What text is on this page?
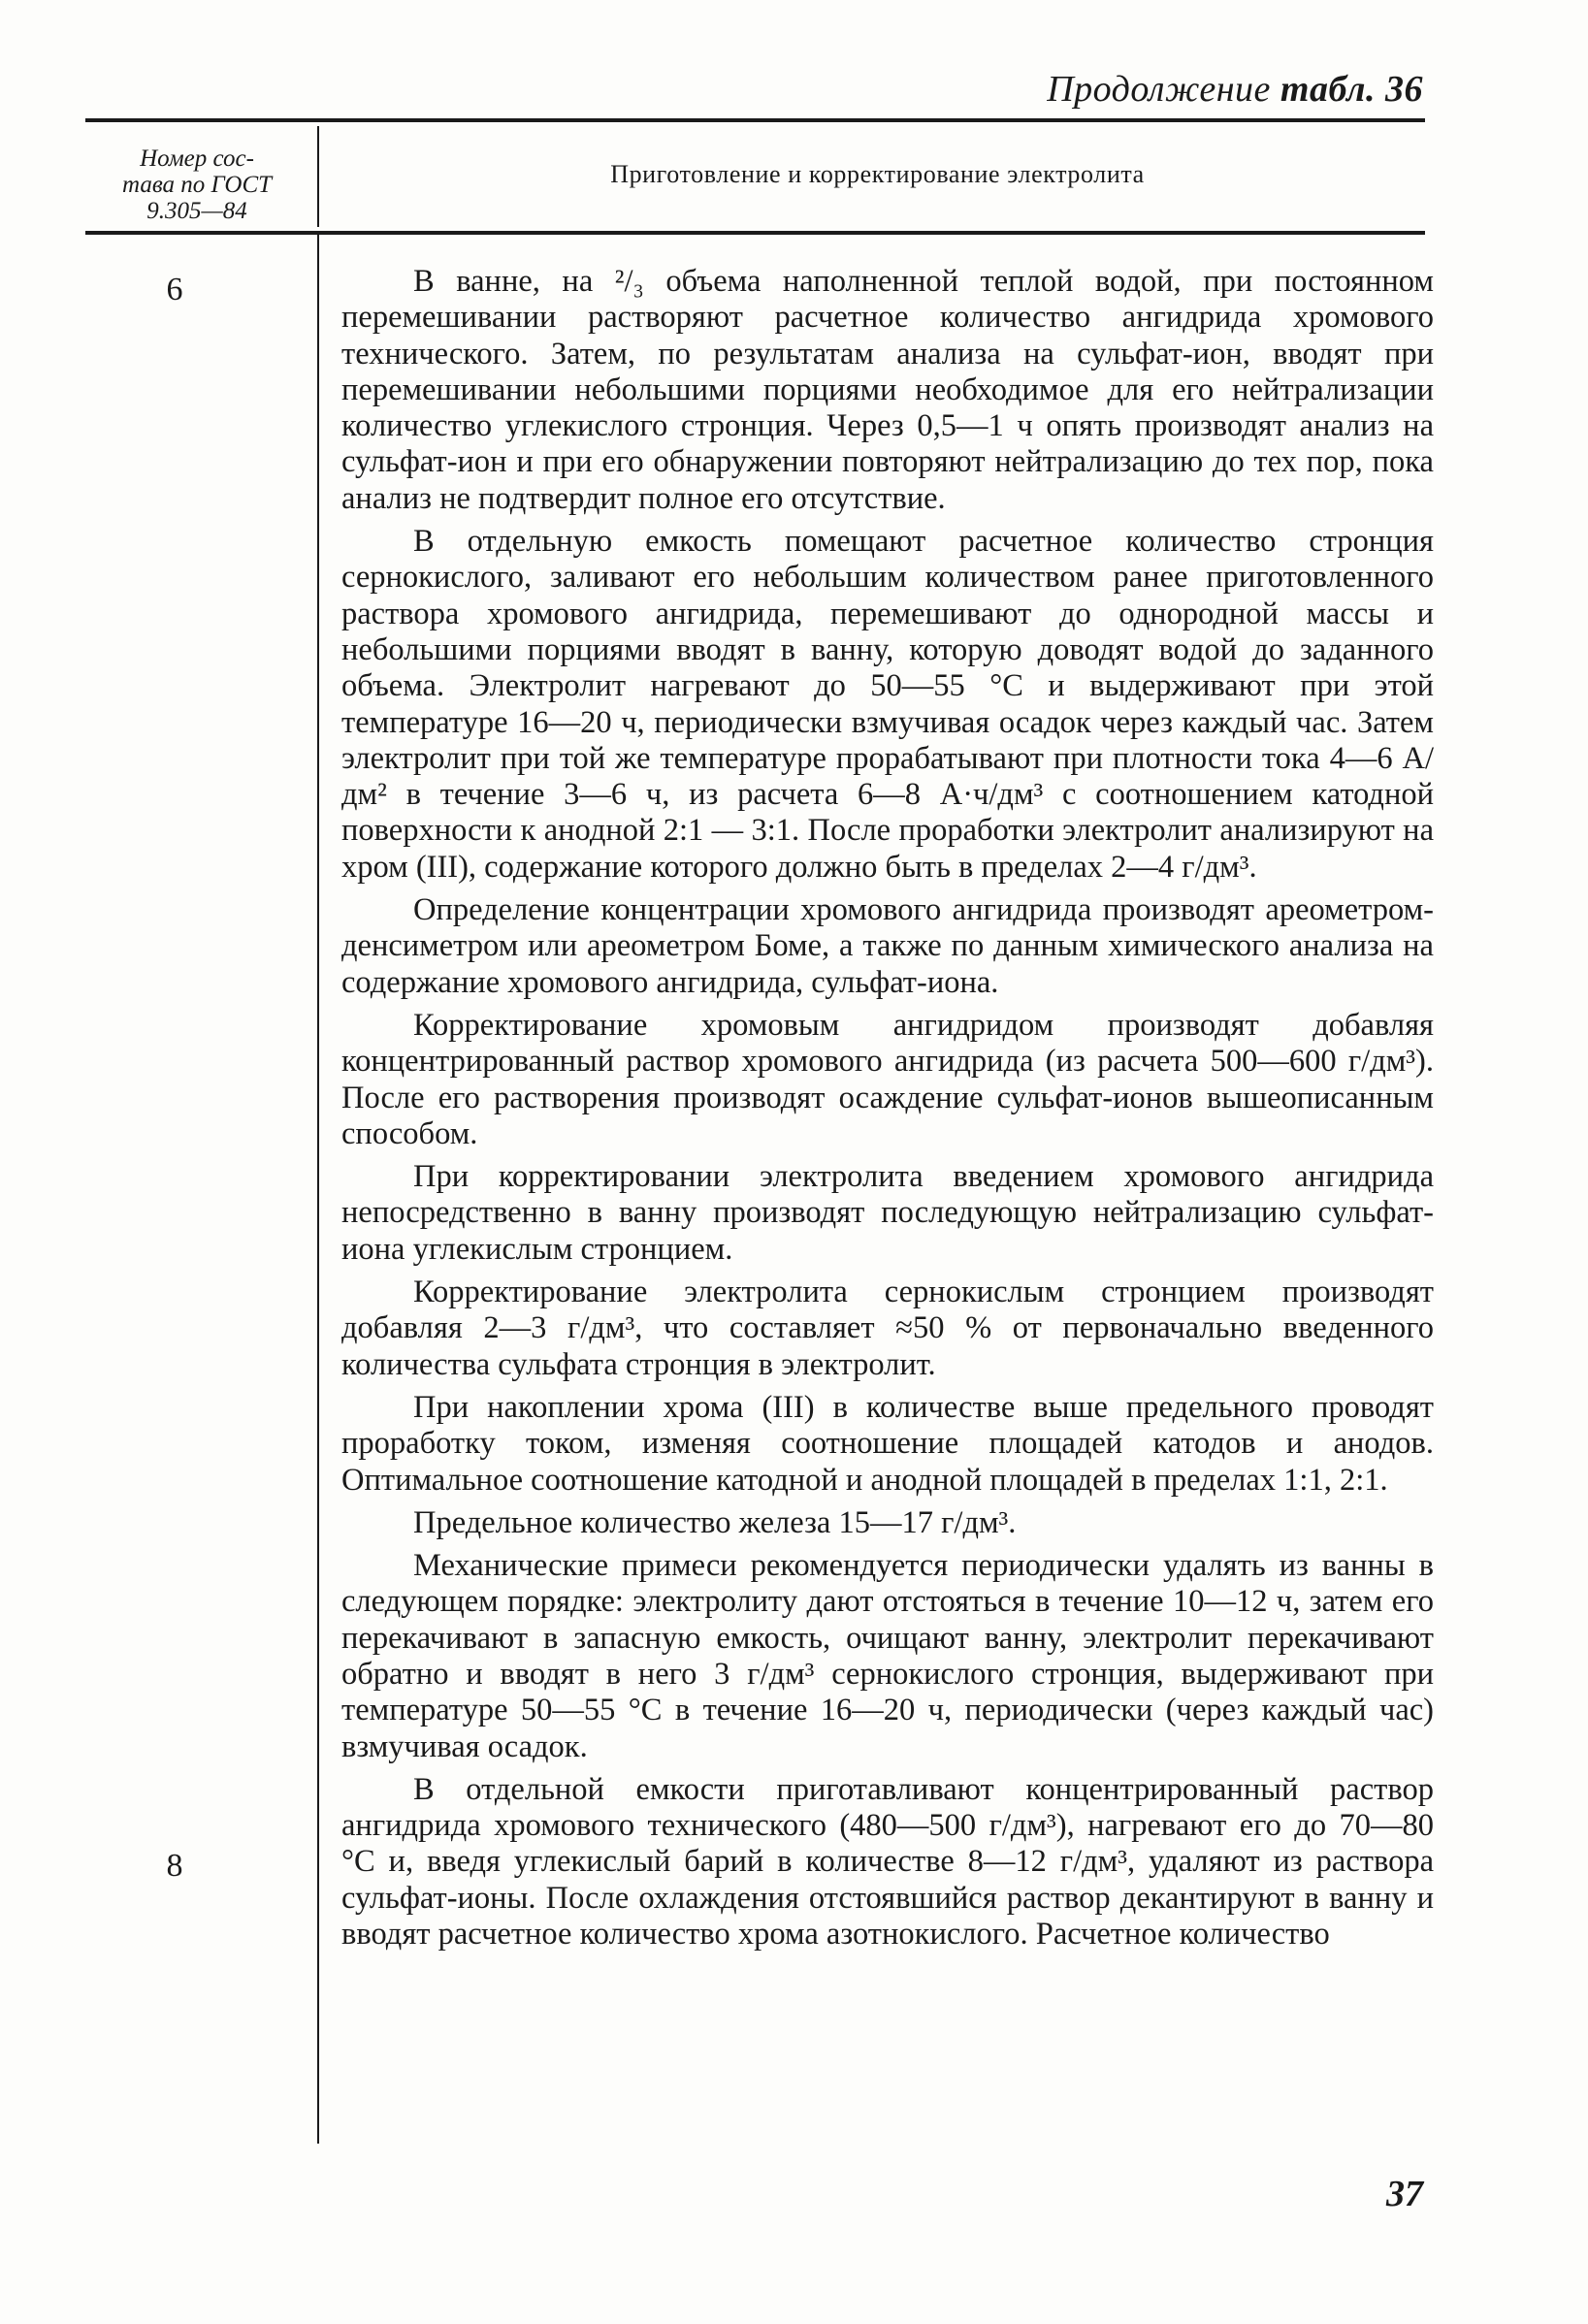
Продолжение табл. 36
Номер сос-
тава по ГОСТ
9.305—84
Приготовление и корректирование электролита
6
8

В ванне, на ²/₃ объема наполненной теплой водой, при постоянном перемешивании растворяют расчетное количество ангидрида хромового технического. Затем, по результатам анализа на сульфат-ион, вводят при перемешивании небольшими порциями необходимое для его нейтрализации количество углекислого стронция. Через 0,5—1 ч опять производят анализ на сульфат-ион и при его обнаружении повторяют нейтрализацию до тех пор, пока анализ не подтвердит полное его отсутствие.

В отдельную емкость помещают расчетное количество стронция сернокислого, заливают его небольшим количеством ранее приготовленного раствора хромового ангидрида, перемешивают до однородной массы и небольшими порциями вводят в ванну, которую доводят водой до заданного объема. Электролит нагревают до 50—55 °С и выдерживают при этой температуре 16—20 ч, периодически взмучивая осадок через каждый час. Затем электролит при той же температуре прорабатывают при плотности тока 4—6 А/дм² в течение 3—6 ч, из расчета 6—8 А·ч/дм³ с соотношением катодной поверхности к анодной 2:1 — 3:1. После проработки электролит анализируют на хром (III), содержание которого должно быть в пределах 2—4 г/дм³.

Определение концентрации хромового ангидрида производят ареометром-денсиметром или ареометром Боме, а также по данным химического анализа на содержание хромового ангидрида, сульфат-иона.

Корректирование хромовым ангидридом производят добавляя концентрированный раствор хромового ангидрида (из расчета 500—600 г/дм³). После его растворения производят осаждение сульфат-ионов вышеописанным способом.

При корректировании электролита введением хромового ангидрида непосредственно в ванну производят последующую нейтрализацию сульфат-иона углекислым стронцием.

Корректирование электролита сернокислым стронцием производят добавляя 2—3 г/дм³, что составляет ≈50 % от первоначально введенного количества сульфата стронция в электролит.

При накоплении хрома (III) в количестве выше предельного проводят проработку током, изменяя соотношение площадей катодов и анодов. Оптимальное соотношение катодной и анодной площадей в пределах 1:1, 2:1.

Предельное количество железа 15—17 г/дм³.

Механические примеси рекомендуется периодически удалять из ванны в следующем порядке: электролиту дают отстояться в течение 10—12 ч, затем его перекачивают в запасную емкость, очищают ванну, электролит перекачивают обратно и вводят в него 3 г/дм³ сернокислого стронция, выдерживают при температуре 50—55 °С в течение 16—20 ч, периодически (через каждый час) взмучивая осадок.

В отдельной емкости приготавливают концентрированный раствор ангидрида хромового технического (480—500 г/дм³), нагревают его до 70—80 °С и, введя углекислый барий в количестве 8—12 г/дм³, удаляют из раствора сульфат-ионы. После охлаждения отстоявшийся раствор декантируют в ванну и вводят расчетное количество хрома азотнокислого. Расчетное количество

37
